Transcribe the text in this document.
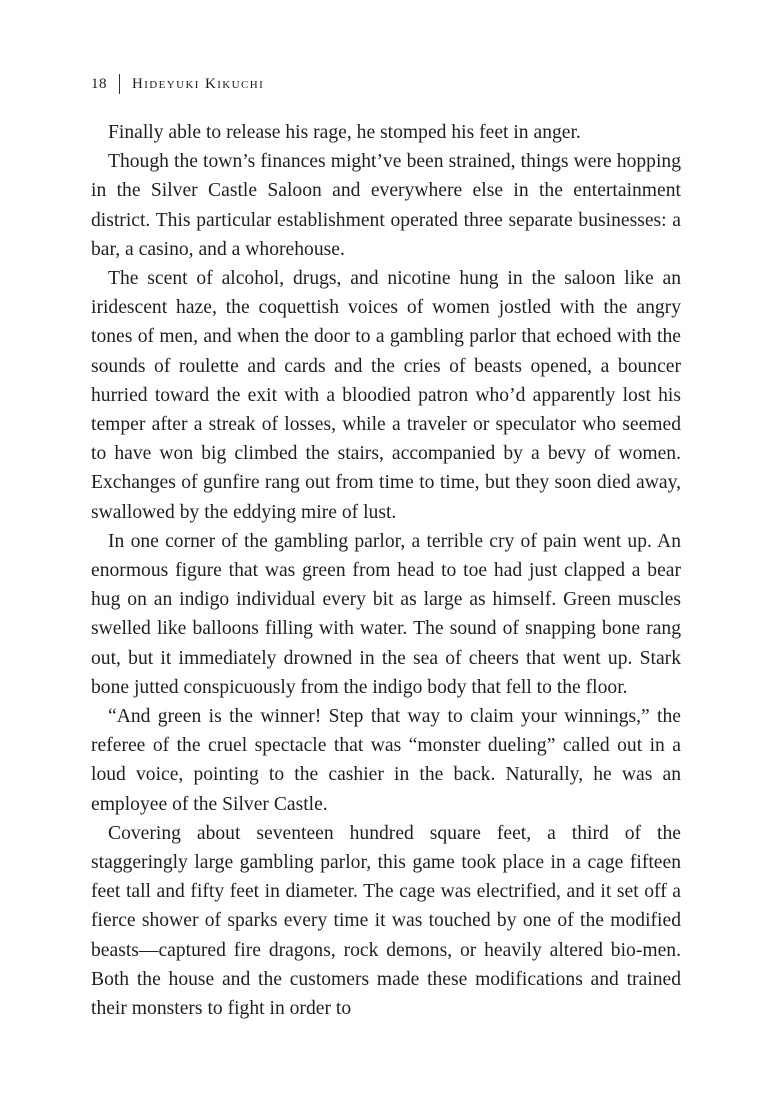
18 Hideyuki Kikuchi

Finally able to release his rage, he stomped his feet in anger.

Though the town’s finances might’ve been strained, things were hopping in the Silver Castle Saloon and everywhere else in the entertainment district. This particular establishment operated three separate businesses: a bar, a casino, and a whorehouse.

The scent of alcohol, drugs, and nicotine hung in the saloon like an iridescent haze, the coquettish voices of women jostled with the angry tones of men, and when the door to a gambling parlor that echoed with the sounds of roulette and cards and the cries of beasts opened, a bouncer hurried toward the exit with a bloodied patron who’d apparently lost his temper after a streak of losses, while a traveler or speculator who seemed to have won big climbed the stairs, accompanied by a bevy of women. Exchanges of gunfire rang out from time to time, but they soon died away, swallowed by the eddying mire of lust.

In one corner of the gambling parlor, a terrible cry of pain went up. An enormous figure that was green from head to toe had just clapped a bear hug on an indigo individual every bit as large as himself. Green muscles swelled like balloons filling with water. The sound of snapping bone rang out, but it immediately drowned in the sea of cheers that went up. Stark bone jutted conspicuously from the indigo body that fell to the floor.

“And green is the winner! Step that way to claim your winnings,” the referee of the cruel spectacle that was “monster dueling” called out in a loud voice, pointing to the cashier in the back. Naturally, he was an employee of the Silver Castle.

Covering about seventeen hundred square feet, a third of the staggeringly large gambling parlor, this game took place in a cage fifteen feet tall and fifty feet in diameter. The cage was electrified, and it set off a fierce shower of sparks every time it was touched by one of the modified beasts—captured fire dragons, rock demons, or heavily altered bio-men. Both the house and the customers made these modifications and trained their monsters to fight in order to
